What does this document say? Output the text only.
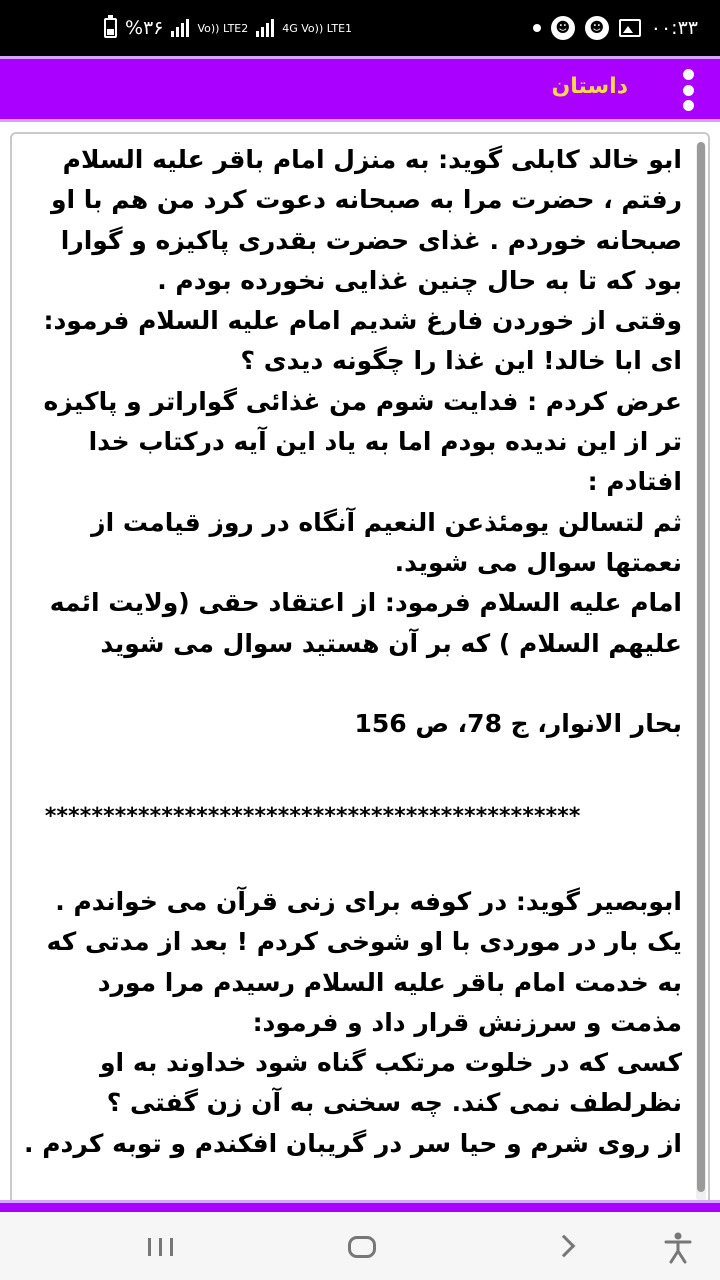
%۳۶	Vo)) LTE2	4G Vo)) LTE1	☻	☻ ۰۰:۳۳
داستان

ابو خالد کابلی گوید: به منزل امام باقر علیه السلام رفتم ، حضرت مرا به صبحانه دعوت کرد من هم با او صبحانه خوردم . غذای حضرت بقدری پاکیزه و گوارا بود که تا به حال چنین غذایی نخورده بودم .
وقتی از خوردن فارغ شدیم امام علیه السلام فرمود: ای ابا خالد! این غذا را چگونه دیدی ؟
عرض کردم : فدایت شوم من غذائی گواراتر و پاکیزه تر از این ندیده بودم اما به یاد این آیه درکتاب خدا افتادم :
ثم لتسالن یومئذعن النعیم آنگاه در روز قیامت از نعمتها سوال می شوید.
امام علیه السلام فرمود: از اعتقاد حقی (ولایت ائمه علیهم السلام ) که بر آن هستید سوال می شوید

بحار الانوار، ج 78، ص 156

**********************************************

ابوبصیر گوید: در کوفه برای زنی قرآن می خواندم . یک بار در موردی با او شوخی کردم ! بعد از مدتی که به خدمت امام باقر علیه السلام رسیدم مرا مورد مذمت و سرزنش قرار داد و فرمود:
کسی که در خلوت مرتکب گناه شود خداوند به او نظرلطف نمی کند. چه سخنی به آن زن گفتی ؟
از روی شرم و حیا سر در گریبان افکندم و توبه کردم .
